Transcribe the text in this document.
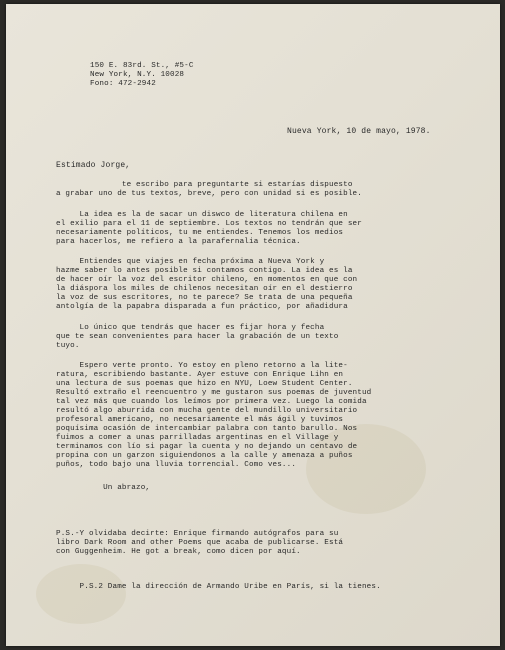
150 E. 83rd. St., #5-C
New York, N.Y. 10028
Fono: 472-2942
Nueva York, 10 de mayo, 1978.
Estimado Jorge,
te escribo para preguntarte si estarías dispuesto
a grabar uno de tus textos, breve, pero con unidad si es posible.
La idea es la de sacar un diswco de literatura chilena en
el exilio para el 11 de septiembre. Los textos no tendrán que ser
necesariamente políticos, tu me entiendes. Tenemos los medios
para hacerlos, me refiero a la parafernalia técnica.
Entiendes que viajes en fecha próxima a Nueva York y
hazme saber lo antes posible si contamos contigo. La idea es la
de hacer oír la voz del escritor chileno, en momentos en que con
la diáspora los miles de chilenos necesitan oír en el destierro
la voz de sus escritores, no te parece? Se trata de una pequeña
antolgía de la papabra disparada a fun práctico, por añadidura
Lo único que tendrás que hacer es fijar hora y fecha
que te sean convenientes para hacer la grabación de un texto
tuyo.
Espero verte pronto. Yo estoy en pleno retorno a la lite-
ratura, escribiendo bastante. Ayer estuve con Enrique Lihn en
una lectura de sus poemas que hizo en NYU, Loew Student Center.
Resultó extraño el reencuentro y me gustaron sus poemas de juventud
tal vez más que cuando los leímos por primera vez. Luego la comida
resultó algo aburrida con mucha gente del mundillo universitario
profesoral americano, no necesariamente el más ágil y tuvimos
poquísima ocasión de intercambiar palabra con tanto barullo. Nos
fuimos a comer a unas parrilladas argentinas en el Village y
terminamos con lío si pagar la cuenta y no dejando un centavo de
propina con un garzon siguiendonos a la calle y amenaza a puños
puños, todo bajo una lluvia torrencial. Como ves...
Un abrazo,
P.S.-Y olvidaba decirte: Enrique firmando autógrafos para su
libro Dark Room and other Poems que acaba de publicarse. Está
con Guggenheim. He got a break, como dicen por aquí.
P.S.2 Dame la dirección de Armando Uribe en París, si la tienes.
